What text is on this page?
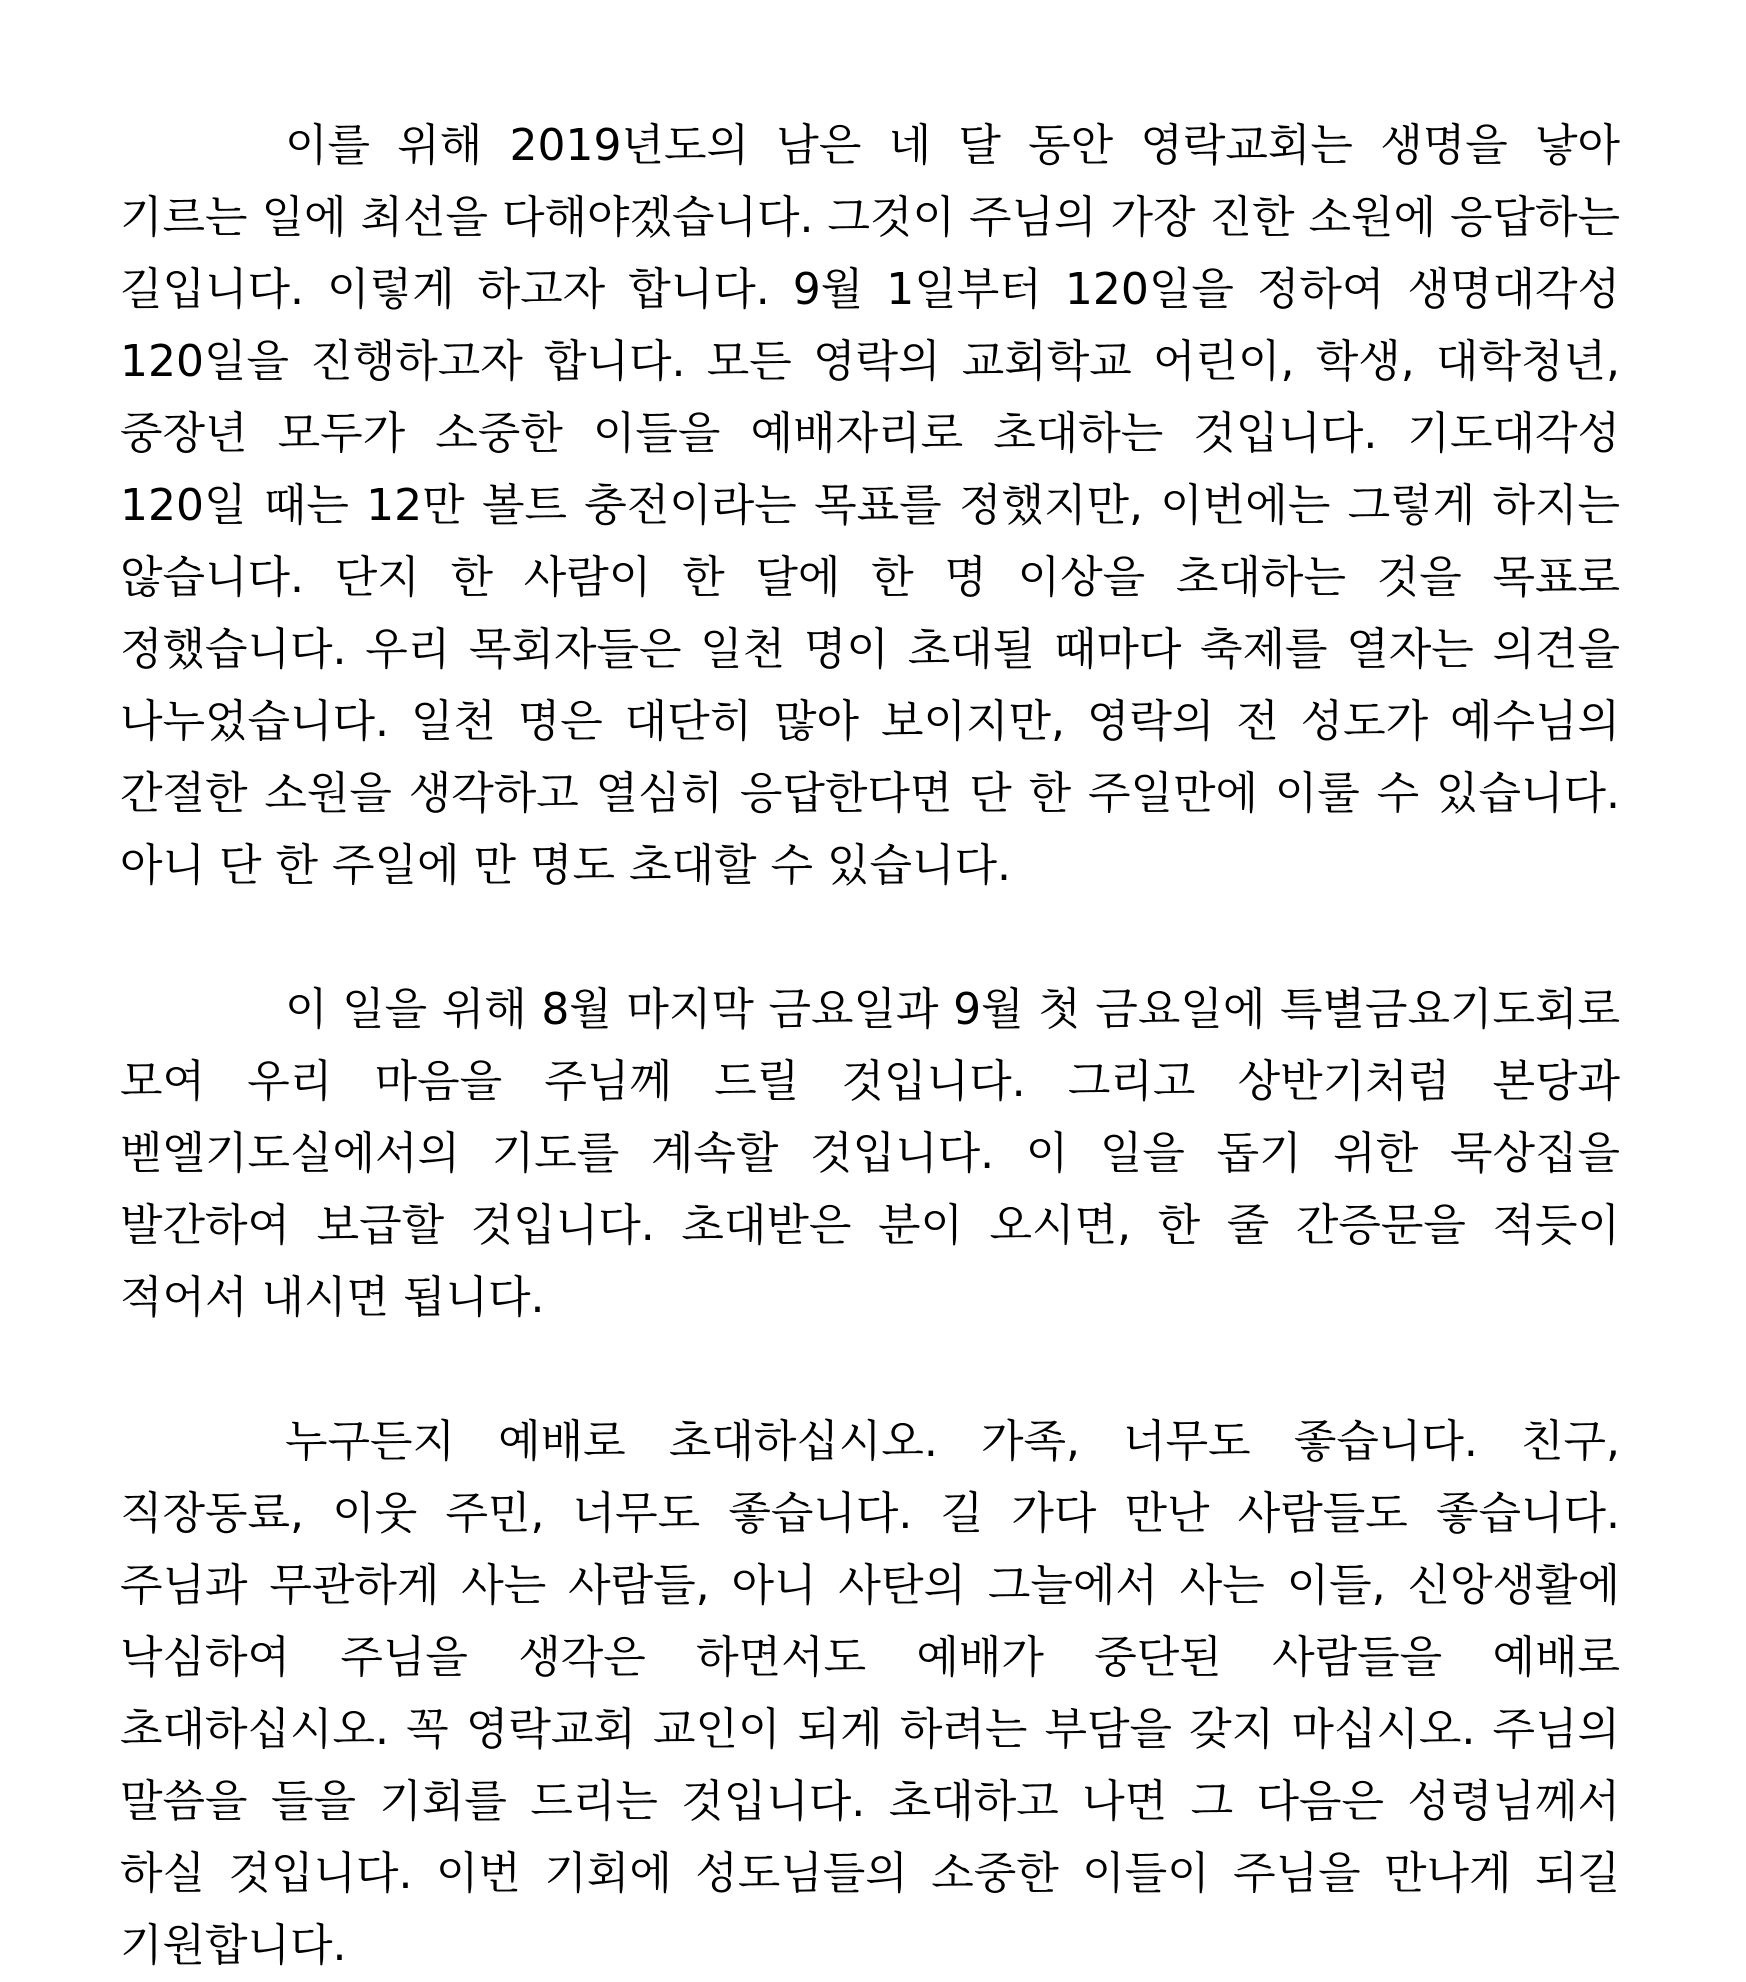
이를 위해 2019년도의 남은 네 달 동안 영락교회는 생명을 낳아 기르는 일에 최선을 다해야겠습니다. 그것이 주님의 가장 진한 소원에 응답하는 길입니다. 이렇게 하고자 합니다. 9월 1일부터 120일을 정하여 생명대각성 120일을 진행하고자 합니다. 모든 영락의 교회학교 어린이, 학생, 대학청년, 중장년 모두가 소중한 이들을 예배자리로 초대하는 것입니다. 기도대각성 120일 때는 12만 볼트 충전이라는 목표를 정했지만, 이번에는 그렇게 하지는 않습니다. 단지 한 사람이 한 달에 한 명 이상을 초대하는 것을 목표로 정했습니다. 우리 목회자들은 일천 명이 초대될 때마다 축제를 열자는 의견을 나누었습니다. 일천 명은 대단히 많아 보이지만, 영락의 전 성도가 예수님의 간절한 소원을 생각하고 열심히 응답한다면 단 한 주일만에 이룰 수 있습니다. 아니 단 한 주일에 만 명도 초대할 수 있습니다.

이 일을 위해 8월 마지막 금요일과 9월 첫 금요일에 특별금요기도회로 모여 우리 마음을 주님께 드릴 것입니다. 그리고 상반기처럼 본당과 벧엘기도실에서의 기도를 계속할 것입니다. 이 일을 돕기 위한 묵상집을 발간하여 보급할 것입니다. 초대받은 분이 오시면, 한 줄 간증문을 적듯이 적어서 내시면 됩니다.

누구든지 예배로 초대하십시오. 가족, 너무도 좋습니다. 친구, 직장동료, 이웃 주민, 너무도 좋습니다. 길 가다 만난 사람들도 좋습니다. 주님과 무관하게 사는 사람들, 아니 사탄의 그늘에서 사는 이들, 신앙생활에 낙심하여 주님을 생각은 하면서도 예배가 중단된 사람들을 예배로 초대하십시오. 꼭 영락교회 교인이 되게 하려는 부담을 갖지 마십시오. 주님의 말씀을 들을 기회를 드리는 것입니다. 초대하고 나면 그 다음은 성령님께서 하실 것입니다. 이번 기회에 성도님들의 소중한 이들이 주님을 만나게 되길 기원합니다.
